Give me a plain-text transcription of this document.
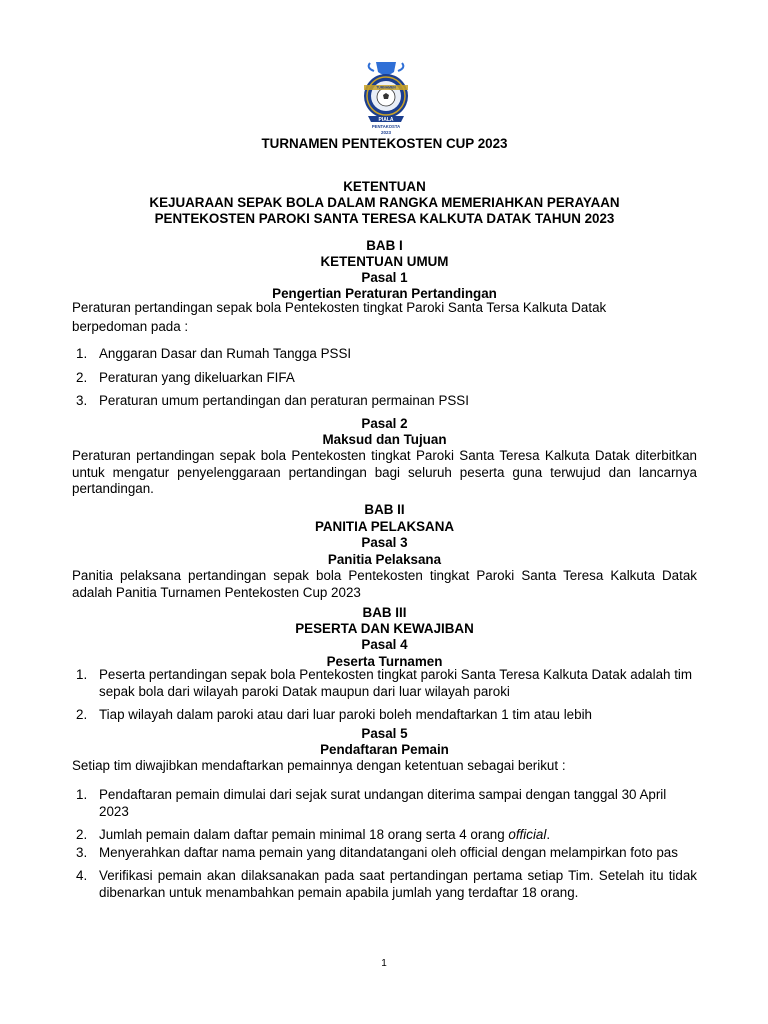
PIALA
PENTAKOSTA
2023
TURNAMEN
TURNAMEN PENTEKOSTEN CUP 2023
KETENTUAN
KEJUARAAN SEPAK BOLA DALAM RANGKA MEMERIAHKAN PERAYAAN
PENTEKOSTEN PAROKI SANTA TERESA KALKUTA DATAK TAHUN 2023
BAB I
KETENTUAN UMUM
Pasal 1
Pengertian Peraturan Pertandingan
Peraturan pertandingan sepak bola Pentekosten tingkat Paroki Santa Tersa Kalkuta Datak
berpedoman pada :
1. Anggaran Dasar dan Rumah Tangga PSSI
2. Peraturan yang dikeluarkan FIFA
3. Peraturan umum pertandingan dan peraturan permainan PSSI
Pasal 2
Maksud dan Tujuan
Peraturan pertandingan sepak bola Pentekosten tingkat Paroki Santa Teresa Kalkuta Datak diterbitkan untuk mengatur penyelenggaraan pertandingan bagi seluruh peserta guna terwujud dan lancarnya pertandingan.
BAB II
PANITIA PELAKSANA
Pasal 3
Panitia Pelaksana
Panitia pelaksana pertandingan sepak bola Pentekosten tingkat Paroki Santa Teresa Kalkuta Datak adalah Panitia Turnamen Pentekosten Cup 2023
BAB III
PESERTA DAN KEWAJIBAN
Pasal 4
Peserta Turnamen
1. Peserta pertandingan sepak bola Pentekosten tingkat paroki Santa Teresa Kalkuta Datak adalah tim sepak bola dari wilayah paroki Datak maupun dari luar wilayah paroki
2. Tiap wilayah dalam paroki atau dari luar paroki boleh mendaftarkan 1 tim atau lebih
Pasal 5
Pendaftaran Pemain
Setiap tim diwajibkan mendaftarkan pemainnya dengan ketentuan sebagai berikut :
1. Pendaftaran pemain dimulai dari sejak surat undangan diterima sampai dengan tanggal 30 April 2023
2. Jumlah pemain dalam daftar pemain minimal 18 orang serta 4 orang official.
3. Menyerahkan daftar nama pemain yang ditandatangani oleh official dengan melampirkan foto pas
4. Verifikasi pemain akan dilaksanakan pada saat pertandingan pertama setiap Tim. Setelah itu tidak dibenarkan untuk menambahkan pemain apabila jumlah yang terdaftar 18 orang.
1
